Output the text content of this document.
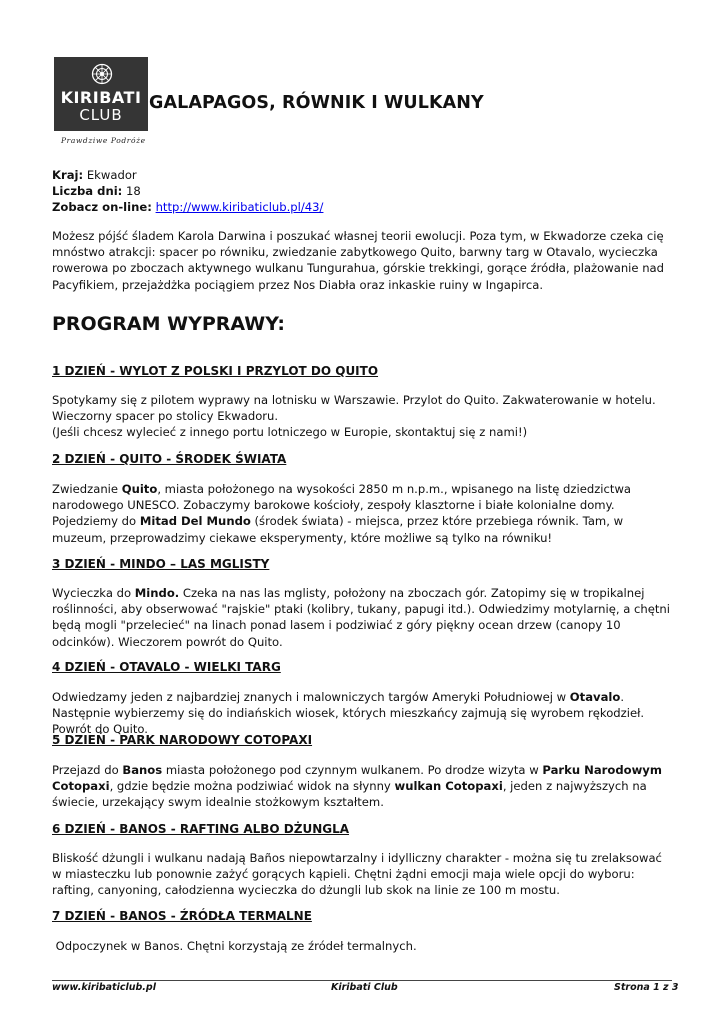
KIRIBATI
CLUB
Prawdziwe Podróże
GALAPAGOS, RÓWNIK I WULKANY
Kraj: Ekwador
Liczba dni: 18
Zobacz on-line: http://www.kiribaticlub.pl/43/

Możesz pójść śladem Karola Darwina i poszukać własnej teorii ewolucji. Poza tym, w Ekwadorze czeka cię mnóstwo atrakcji: spacer po równiku, zwiedzanie zabytkowego Quito, barwny targ w Otavalo, wycieczka rowerowa po zboczach aktywnego wulkanu Tungurahua, górskie trekkingi, gorące źródła, plażowanie nad Pacyfikiem, przejażdżka pociągiem przez Nos Diabła oraz inkaskie ruiny w Ingapirca.

PROGRAM WYPRAWY:
1 DZIEŃ - WYLOT Z POLSKI I PRZYLOT DO QUITO

Spotykamy się z pilotem wyprawy na lotnisku w Warszawie. Przylot do Quito. Zakwaterowanie w hotelu. Wieczorny spacer po stolicy Ekwadoru.
(Jeśli chcesz wylecieć z innego portu lotniczego w Europie, skontaktuj się z nami!)

2 DZIEŃ - QUITO - ŚRODEK ŚWIATA

Zwiedzanie Quito, miasta położonego na wysokości 2850 m n.p.m., wpisanego na listę dziedzictwa narodowego UNESCO. Zobaczymy barokowe kościoły, zespoły klasztorne i białe kolonialne domy. Pojedziemy do Mitad Del Mundo (środek świata) - miejsca, przez które przebiega równik. Tam, w muzeum, przeprowadzimy ciekawe eksperymenty, które możliwe są tylko na równiku!

3 DZIEŃ - MINDO – LAS MGLISTY

Wycieczka do Mindo. Czeka na nas las mglisty, położony na zboczach gór. Zatopimy się w tropikalnej roślinności, aby obserwować "rajskie" ptaki (kolibry, tukany, papugi itd.). Odwiedzimy motylarnię, a chętni będą mogli "przelecieć" na linach ponad lasem i podziwiać z góry piękny ocean drzew (canopy 10 odcinków). Wieczorem powrót do Quito.

4 DZIEŃ - OTAVALO - WIELKI TARG

Odwiedzamy jeden z najbardziej znanych i malowniczych targów Ameryki Południowej w Otavalo. Następnie wybierzemy się do indiańskich wiosek, których mieszkańcy zajmują się wyrobem rękodzieł. Powrót do Quito.

5 DZIEŃ - PARK NARODOWY COTOPAXI

Przejazd do Banos miasta położonego pod czynnym wulkanem. Po drodze wizyta w Parku Narodowym Cotopaxi, gdzie będzie można podziwiać widok na słynny wulkan Cotopaxi, jeden z najwyższych na świecie, urzekający swym idealnie stożkowym kształtem.

6 DZIEŃ - BANOS - RAFTING ALBO DŻUNGLA

Bliskość dżungli i wulkanu nadają Baños niepowtarzalny i idylliczny charakter - można się tu zrelaksować w miasteczku lub ponownie zażyć gorących kąpieli. Chętni żądni emocji maja wiele opcji do wyboru: rafting, canyoning, całodzienna wycieczka do dżungli lub skok na linie ze 100 m mostu.

7 DZIEŃ - BANOS - ŹRÓDŁA TERMALNE

Odpoczynek w Banos. Chętni korzystają ze źródeł termalnych.

www.kiribaticlub.pl	Kiribati Club	Strona 1 z 3
